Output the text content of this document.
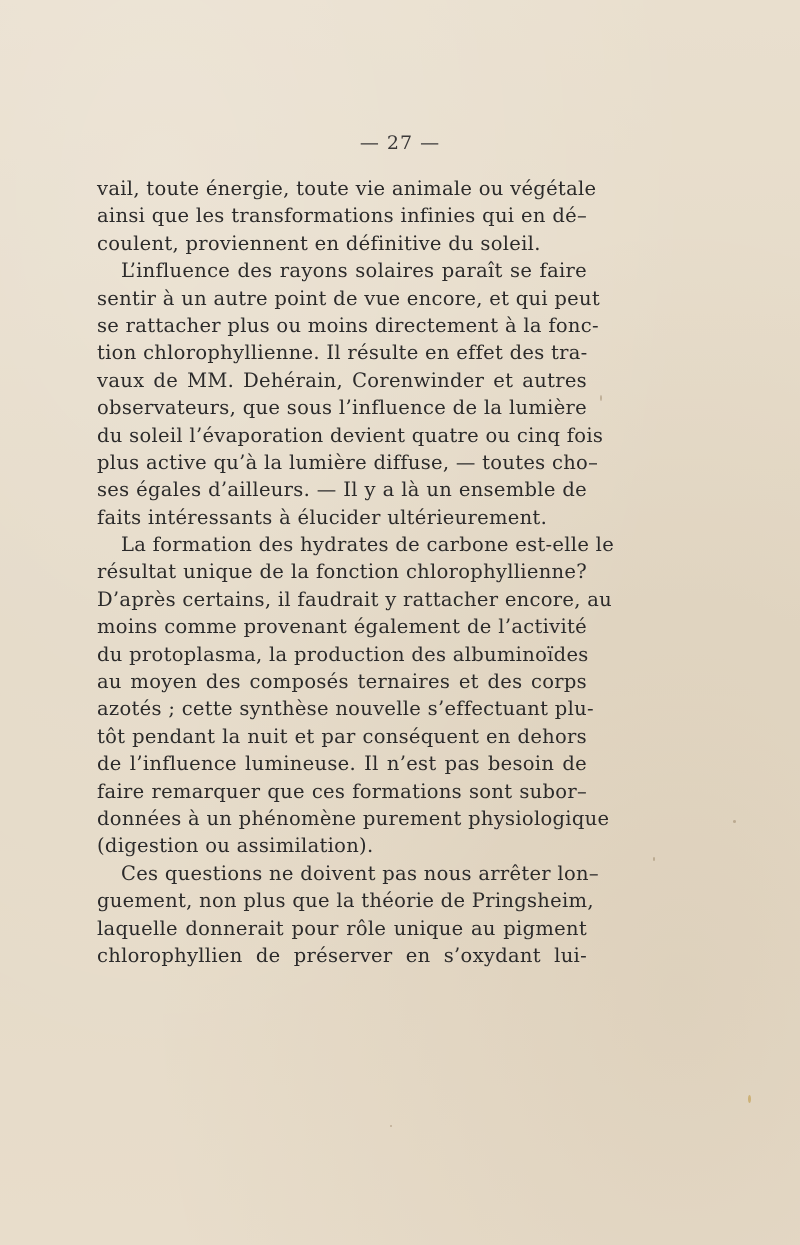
— 27 —
vail, toute énergie, toute vie animale ou végétale
ainsi que les transformations infinies qui en dé–
coulent, proviennent en définitive du soleil.
L’influence des rayons solaires paraît se faire
sentir à un autre point de vue encore, et qui peut
se rattacher plus ou moins directement à la fonc-
tion chlorophyllienne. Il résulte en effet des tra-
vaux de MM. Dehérain, Corenwinder et autres
observateurs, que sous l’influence de la lumière
du soleil l’évaporation devient quatre ou cinq fois
plus active qu’à la lumière diffuse, — toutes cho–
ses égales d’ailleurs. — Il y a là un ensemble de
faits intéressants à élucider ultérieurement.
La formation des hydrates de carbone est-elle le
résultat unique de la fonction chlorophyllienne?
D’après certains, il faudrait y rattacher encore, au
moins comme provenant également de l’activité
du protoplasma, la production des albuminoïdes
au moyen des composés ternaires et des corps
azotés ; cette synthèse nouvelle s’effectuant plu-
tôt pendant la nuit et par conséquent en dehors
de l’influence lumineuse. Il n’est pas besoin de
faire remarquer que ces formations sont subor–
données à un phénomène purement physiologique
(digestion ou assimilation).
Ces questions ne doivent pas nous arrêter lon–
guement, non plus que la théorie de Pringsheim,
laquelle donnerait pour rôle unique au pigment
chlorophyllien de préserver en s’oxydant lui-
